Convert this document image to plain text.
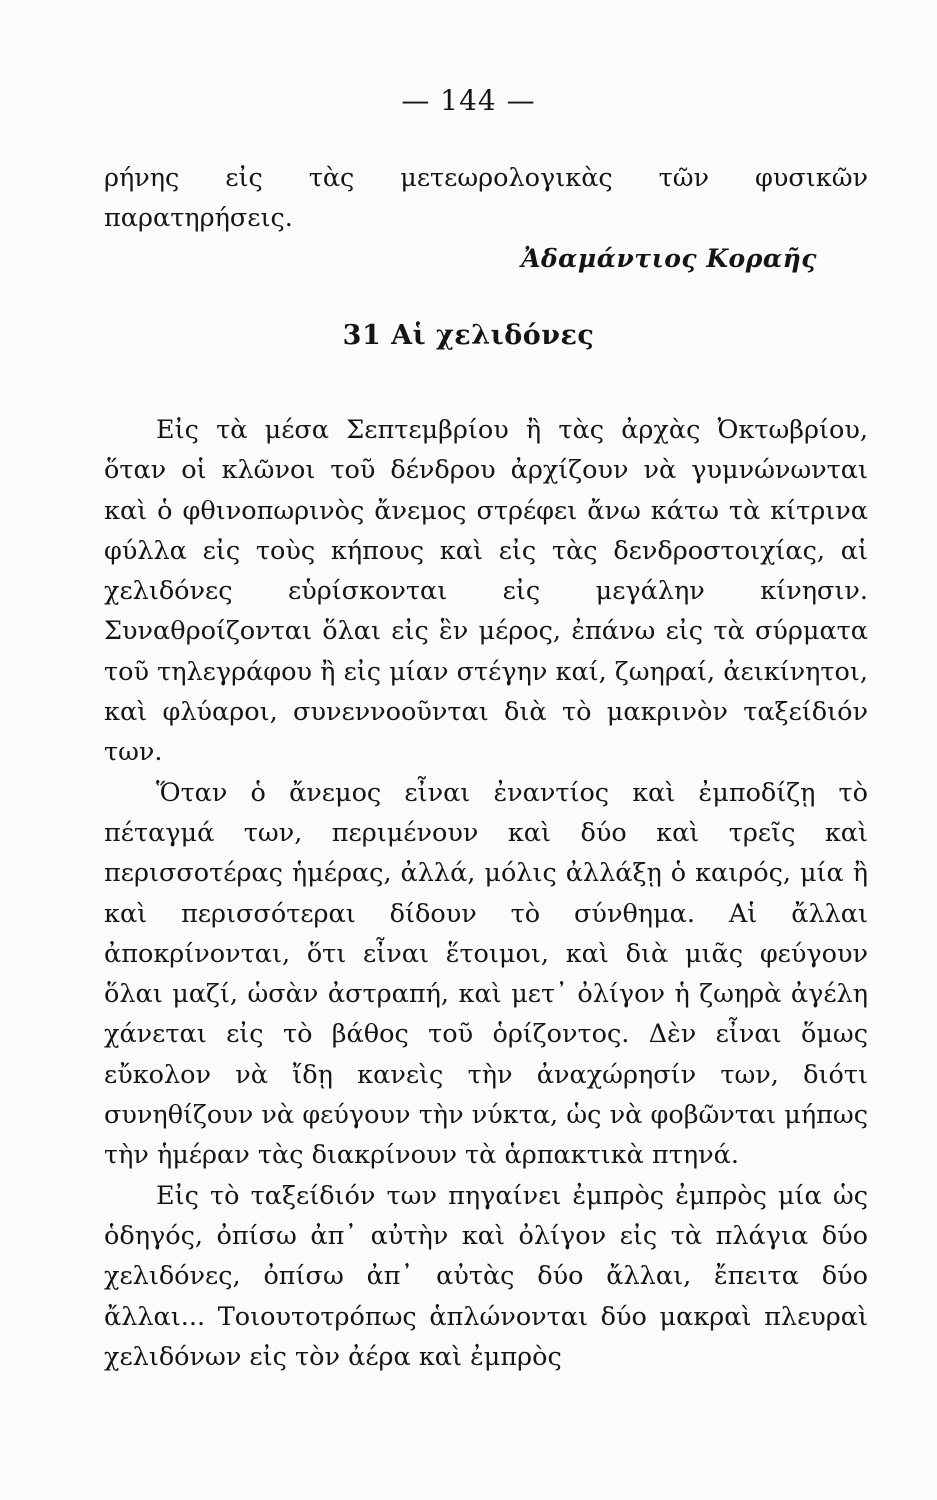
— 144 —

ρήνης εἰς τὰς μετεωρολογικὰς τῶν φυσικῶν παρατηρήσεις.

Ἀδαμάντιος Κοραῆς
31 Αἱ χελιδόνες

Εἰς τὰ μέσα Σεπτεμβρίου ἢ τὰς ἀρχὰς Ὀκτωβρίου, ὅταν οἱ κλῶνοι τοῦ δένδρου ἀρχίζουν νὰ γυμνώνωνται καὶ ὁ φθινοπωρινὸς ἄνεμος στρέφει ἄνω κάτω τὰ κίτρινα φύλλα εἰς τοὺς κήπους καὶ εἰς τὰς δενδροστοιχίας, αἱ χελιδόνες εὑρίσκονται εἰς μεγάλην κίνησιν. Συναθροίζονται ὅλαι εἰς ἓν μέρος, ἐπάνω εἰς τὰ σύρματα τοῦ τηλεγράφου ἢ εἰς μίαν στέγην καί, ζωηραί, ἀεικίνητοι, καὶ φλύαροι, συνεννοοῦνται διὰ τὸ μακρινὸν ταξείδιόν των.

Ὅταν ὁ ἄνεμος εἶναι ἐναντίος καὶ ἐμποδίζῃ τὸ πέταγμά των, περιμένουν καὶ δύο καὶ τρεῖς καὶ περισσοτέρας ἡμέρας, ἀλλά, μόλις ἀλλάξῃ ὁ καιρός, μία ἢ καὶ περισσότεραι δίδουν τὸ σύνθημα. Αἱ ἄλλαι ἀποκρίνονται, ὅτι εἶναι ἕτοιμοι, καὶ διὰ μιᾶς φεύγουν ὅλαι μαζί, ὡσὰν ἀστραπή, καὶ μετ᾽ ὀλίγον ἡ ζωηρὰ ἀγέλη χάνεται εἰς τὸ βάθος τοῦ ὁρίζοντος. Δὲν εἶναι ὅμως εὔκολον νὰ ἴδῃ κανεὶς τὴν ἀναχώρησίν των, διότι συνηθίζουν νὰ φεύγουν τὴν νύκτα, ὡς νὰ φοβῶνται μήπως τὴν ἡμέραν τὰς διακρίνουν τὰ ἁρπακτικὰ πτηνά.

Εἰς τὸ ταξείδιόν των πηγαίνει ἐμπρὸς ἐμπρὸς μία ὡς ὁδηγός, ὀπίσω ἀπ᾽ αὐτὴν καὶ ὀλίγον εἰς τὰ πλάγια δύο χελιδόνες, ὀπίσω ἀπ᾽ αὐτὰς δύο ἄλλαι, ἔπειτα δύο ἄλλαι... Τοιουτοτρόπως ἁπλώνονται δύο μακραὶ πλευραὶ χελιδόνων εἰς τὸν ἀέρα καὶ ἐμπρὸς
